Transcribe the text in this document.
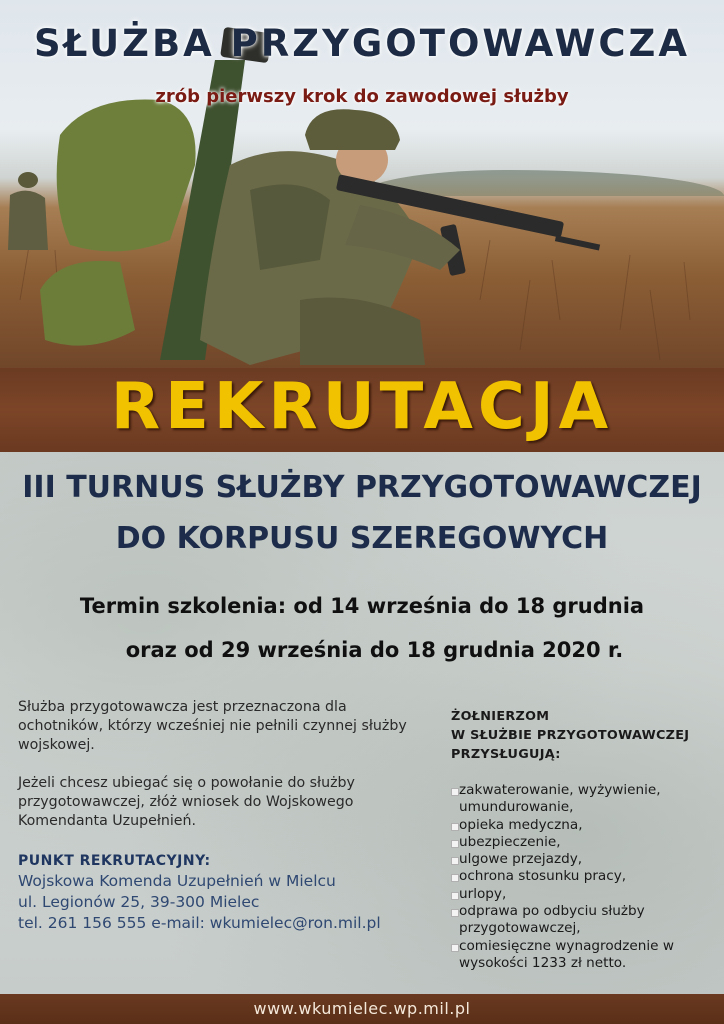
SŁUŻBA PRZYGOTOWAWCZA
zrób pierwszy krok do zawodowej służby
REKRUTACJA
III TURNUS SŁUŻBY PRZYGOTOWAWCZEJ
DO KORPUSU SZEREGOWYCH
Termin szkolenia: od 14 września do 18 grudnia
oraz od 29 września do 18 grudnia 2020 r.

Służba przygotowawcza jest przeznaczona dla ochotników, którzy wcześniej nie pełnili czynnej służby wojskowej.

Jeżeli chcesz ubiegać się o powołanie do służby przygotowawczej, złóż wniosek do Wojskowego Komendanta Uzupełnień.

PUNKT REKRUTACYJNY:
Wojskowa Komenda Uzupełnień w Mielcu
ul. Legionów 25, 39-300 Mielec
tel. 261 156 555 e-mail: wkumielec@ron.mil.pl
ŻOŁNIERZOM
W SŁUŻBIE PRZYGOTOWAWCZEJ
PRZYSŁUGUJĄ:
zakwaterowanie, wyżywienie, umundurowanie,
opieka medyczna,
ubezpieczenie,
ulgowe przejazdy,
ochrona stosunku pracy,
urlopy,
odprawa po odbyciu służby przygotowawczej,
comiesięczne wynagrodzenie w wysokości 1233 zł netto.
www.wkumielec.wp.mil.pl
